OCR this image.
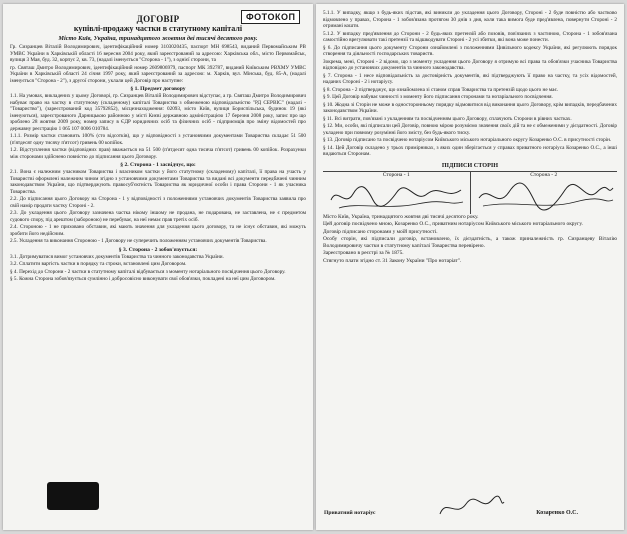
ФОТОКОП
ДОГОВІР
купівлі-продажу частки в статутному капіталі
Місто Київ, Україна, тринадцятого жовтня дві тисячі десятого року.
Гр. Сизранцев Віталій Володимирович, ідентифікаційний номер 3103020435, паспорт МН 698543, виданий Первомайським РВ УМВС України в Харківській області 16 вересня 2004 року, який зареєстрований за адресою: Харківська обл., місто Первомайськ, вулиця 3 Мая, буд. 32, корпус 2, кв. 73, (надалі іменується "Сторона - 1"), з однієї сторони, та
гр. Святаш Дмитро Володимирович, ідентифікаційний номер 2609806979, паспорт МК 392787, виданий Київським РВХМУ УМВС України в Харківській області 24 січня 1997 року, який зареєстрований за адресою: м. Харків, вул. Мінська, буд. 85-А, (надалі іменується "Сторона - 2"), з другої сторони, уклали цей Договір про наступне:
§ 1. Предмет договору
1.1. На умовах, викладених у цьому Договорі, гр. Сизранцев Віталій Володимирович відступає, а гр. Святаш Дмитро Володимирович набуває право на частку в статутному (складеному) капіталі Товариства з обмеженою відповідальністю "РД СЕРВІС" (надалі - "Товариство"), (зареєстрований код 35792852), місцезнаходження: 02093, місто Київ, вулиця Бориспільська, будинок 19 (які іменуються), зареєстрованого Дарницькою районною у місті Києві державною адміністрацією 17 березня 2008 року, запис про що зроблено 28 жовтня 2009 року, номер запису в ЄДР юридичних осіб та фізичних осіб - підприємців про зміну відомостей про державну реєстрацію 1 065 107 0006 010784.
1.1.1. Розмір частки становить 100% (сто відсотків), що у відповідності з установчими документами Товариства складає 51 500 (п'ятдесят одну тисячу п'ятсот) гривень 00 копійок.
1.2. Відступлення частки (відповідних прав) вважається на 51 500 (п'ятдесят одна тисяча п'ятсот) гривень 00 копійок. Розрахунки між сторонами здійснено повністю до підписання цього Договору.
§ 2. Сторона - 1 засвідчує, що:
2.1. Вона є належним учасником Товариства і власником частки у його статутному (складеному) капіталі, її права на участь у Товаристві оформлені належним чином згідно з установчими документами Товариства та видані всі документи передбачені чинним законодавством України, що підтверджують правосуб'єктність Товариства як юридичної особи і права Сторони - 1 як учасника Товариства.
2.2. До підписання цього Договору на Сторона - 1 у відповідності з положеннями установчих документів Товариства заявила про свій намір продати частку Стороні - 2.
2.3. До укладення цього Договору зазначена частка нікому іншому не продана, не подарована, не заставлена, не є предметом судового спору, під арештом (забороною) не перебуває, на неї немає прав третіх осіб.
2.4. Стороною - 1 не приховано обставин, які мають значення для укладення цього договору, та не існує обставин, які можуть зробити його недійсним.
2.5. Укладення та виконання Стороною - 1 Договору не суперечить положенням установчих документів Товариства.
§ 3. Сторона - 2 зобов'язується:
3.1. Дотримуватися вимог установчих документів Товариства та чинного законодавства України.
3.2. Сплатити вартість частки в порядку та строки, встановлені цим Договором.
§ 4. Перехід до Сторони - 2 частки в статутному капіталі відбувається з моменту нотаріального посвідчення цього Договору.
§ 5. Кожна Сторона зобов'язується сумлінно і добросовісно виконувати свої обов'язки, покладені на неї цим Договором.
5.1.1. У випадку, якщо з будь-яких підстав, які виникли до укладення цього Договору, Стороні - 2 буде повністю або частково відмовлено у правах, Сторона - 1 зобов'язана протягом 30 днів з дня, коли така вимога буде пред'явлена, повернути Стороні - 2 отримані кошти.
5.1.2. У випадку пред'явлення до Сторони - 2 будь-яких претензій або позовів, пов'язаних з частиною, Сторона - 1 зобов'язана самостійно врегулювати такі претензії та відшкодувати Стороні - 2 усі збитки, які вона може понести.
§ 6. До підписання цього документу Сторони ознайомлені з положеннями Цивільного кодексу України, які регулюють порядок створення та діяльності господарських товариств.
Зокрема, мені, Стороні - 2 відомо, що з моменту укладення цього Договору я отримую всі права та обов'язки учасника Товариства відповідно до установчих документів та чинного законодавства.
§ 7. Сторона - 1 несе відповідальність за достовірність документів, які підтверджують її право на частку, та усіх відомостей, наданих Стороні - 2 і нотаріусу.
§ 8. Сторона - 2 підтверджує, що ознайомлена зі станом справ Товариства та претензій щодо цього не має.
§ 9. Цей Договір набуває чинності з моменту його підписання сторонами та нотаріального посвідчення.
§ 10. Жодна зі Сторін не може в односторонньому порядку відмовитися від виконання цього Договору, крім випадків, передбачених законодавством України.
§ 11. Всі витрати, пов'язані з укладенням та посвідченням цього Договору, сплачують Сторони в рівних частках.
§ 12. Ми, особи, які підписали цей Договір, повною мірою розуміємо значення своїх дій та не є обмеженими у дієздатності. Договір укладено при повному розумінні його змісту, без будь-якого тиску.
§ 13. Договір підписано та посвідчено нотаріусом Київського міського нотаріального округу Козаренко О.С. в присутності сторін.
§ 14. Цей Договір складено у трьох примірниках, з яких один зберігається у справах приватного нотаріуса Козаренко О.С., а інші видаються Сторонам.
ПІДПИСИ СТОРІН
Сторона - 1	Сторона - 2
Місто Київ, Україна, тринадцятого жовтня дві тисячі десятого року.
Цей договір посвідчено мною, Козаренко О.С., приватним нотаріусом Київського міського нотаріального округу.
Договір підписано сторонами у моїй присутності.
Особу сторін, які підписали договір, встановлено, їх дієздатність, а також приналежність гр. Сизранцеву Віталію Володимировичу частки в статутному капіталі Товариства перевірено.
Зареєстровано в реєстрі за № 1875.
Стягнуто плати згідно ст. 31 Закону України "Про нотаріат".
Приватний нотаріус	Козаренко О.С.
